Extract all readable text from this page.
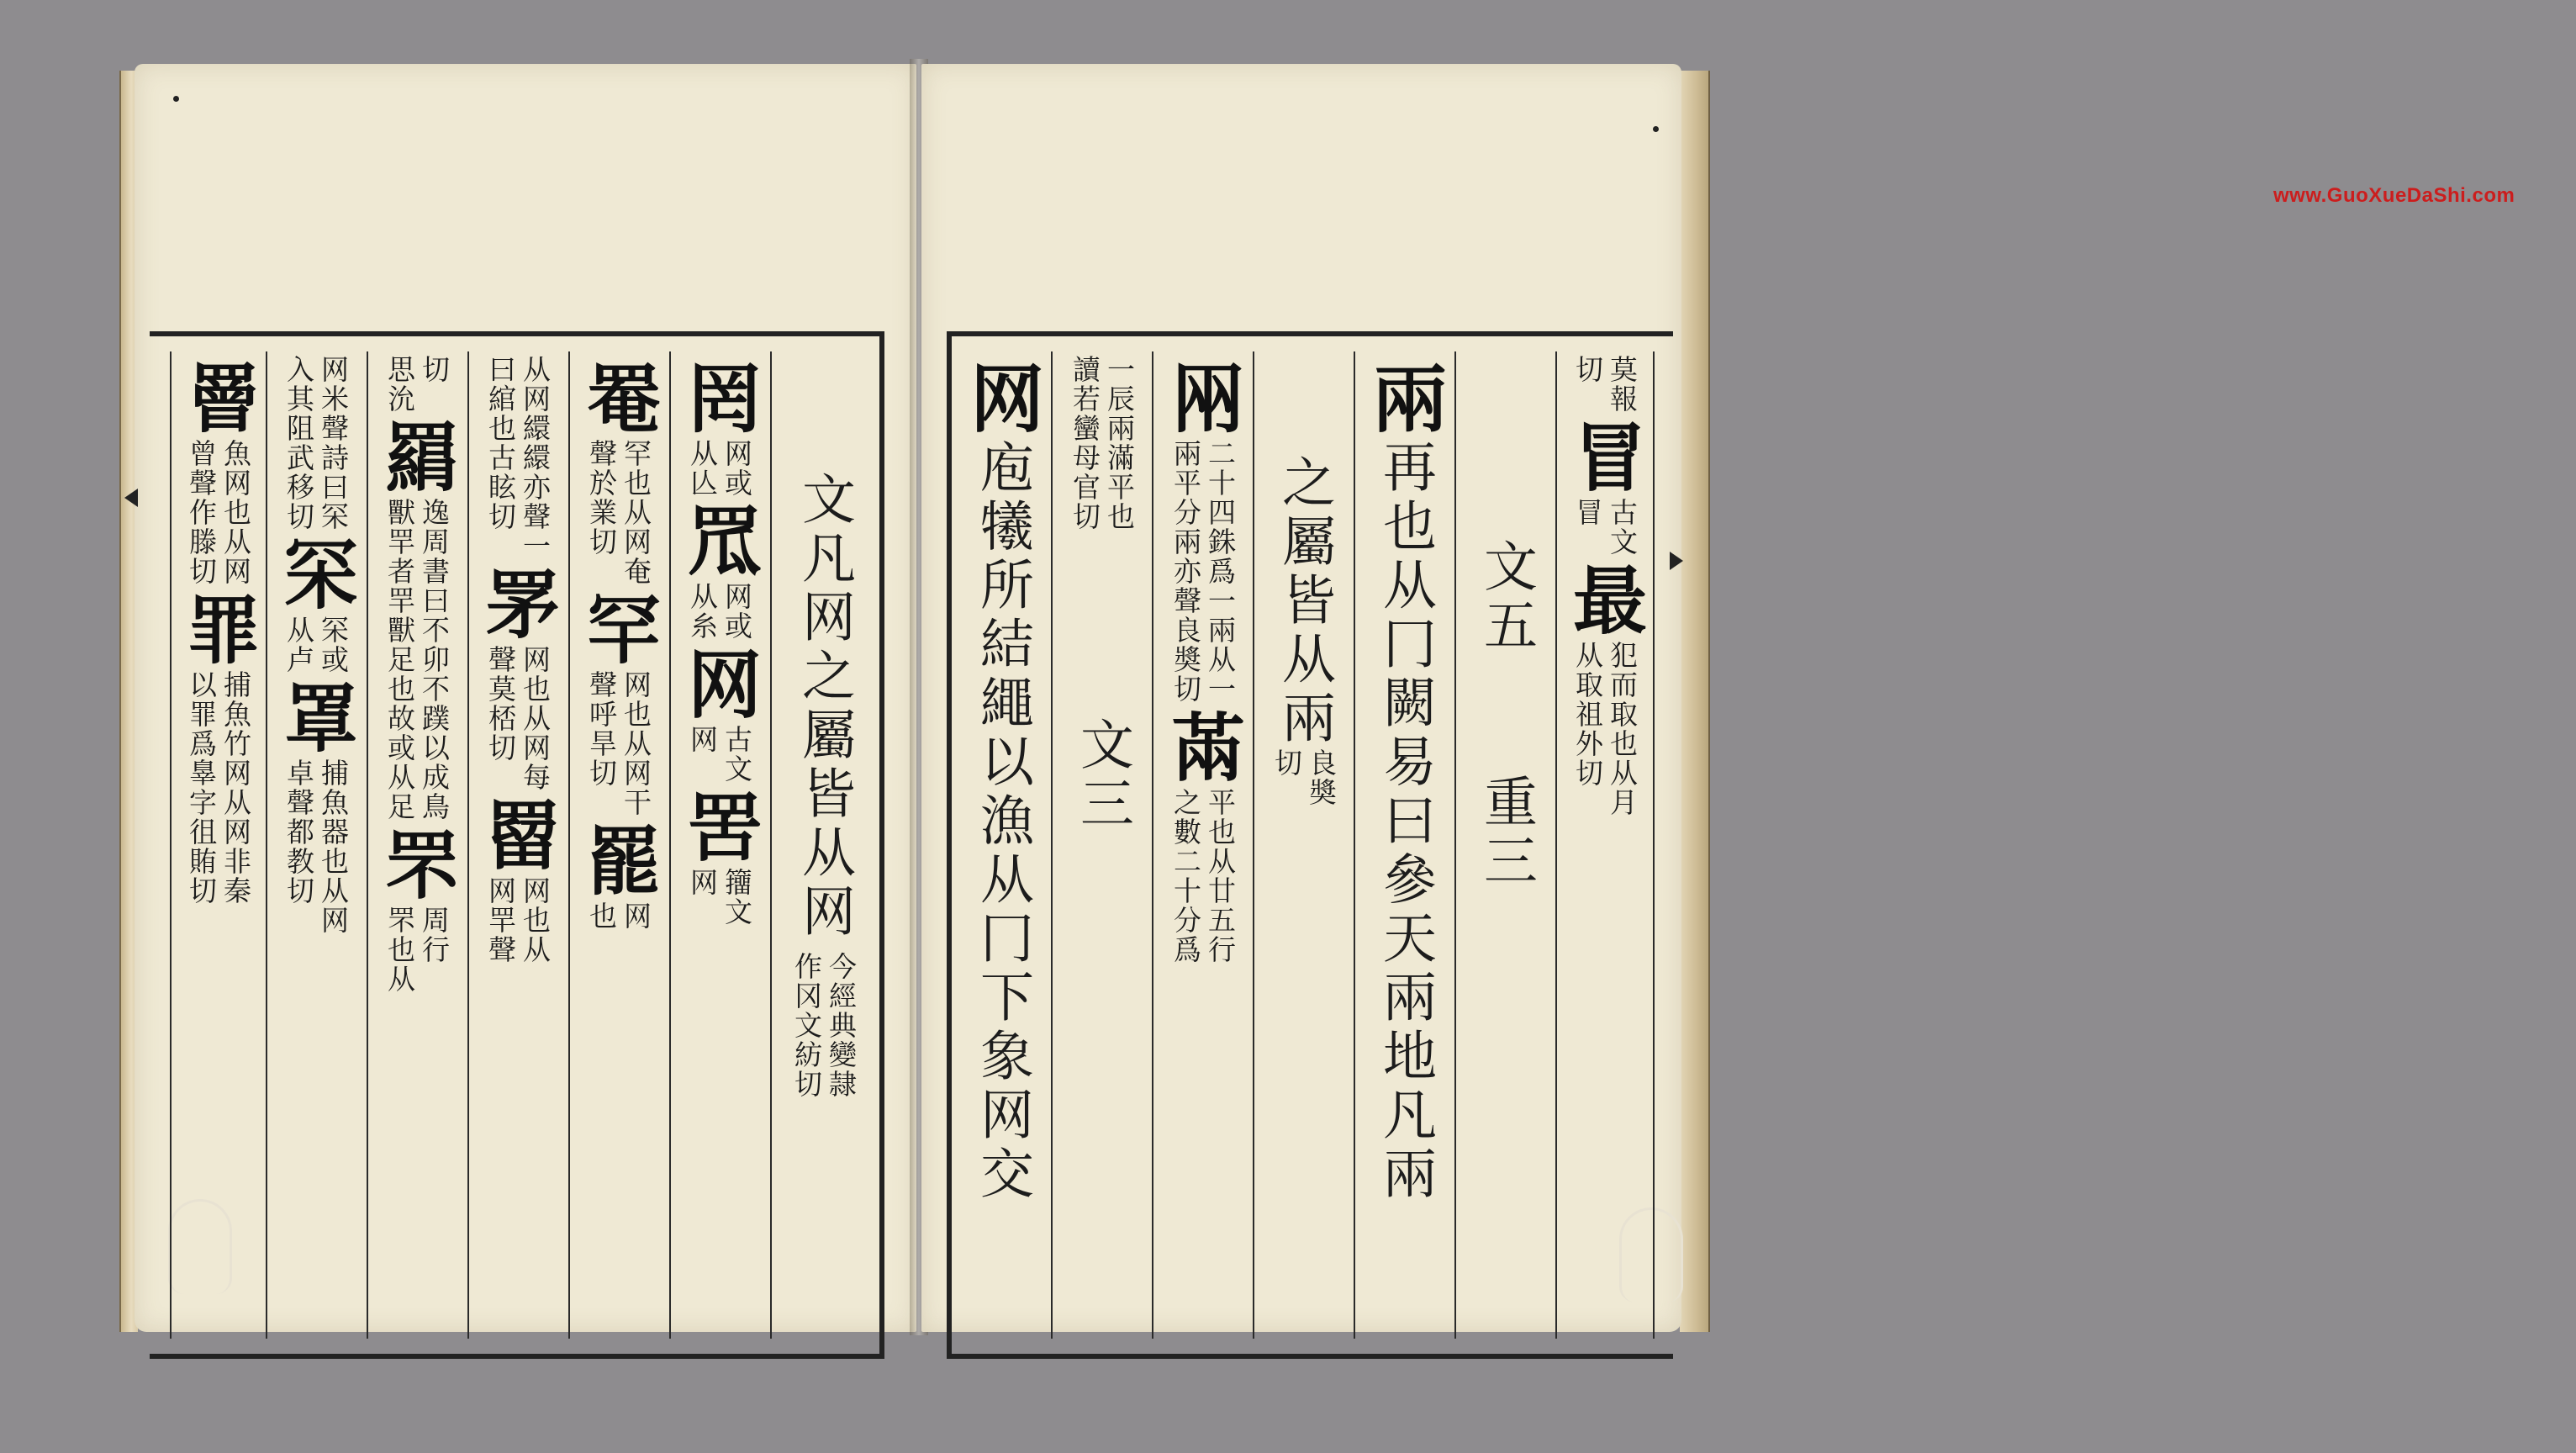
罾
魚网也从网
曾聲作滕切
罪
捕魚竹网从网非秦
以罪爲辠字徂賄切
网米聲詩曰罙
入其阻武移切
罙
罙或
从卢
罩
捕魚器也从网
卓聲都教切
切
思沇
羂
逸周書曰不卯不蹼以成鳥
獸䍐者䍐獸足也故或从足
罘
周行
罘也从
从网繯繯亦聲一
曰綰也古眩切
罞
网也从网每
聲莫桮切
罶
网也从
网䍐聲
罨
罕也从网奄
聲於業切
罕
网也从网干
聲呼旱切
罷
网
也
罔
网或
从亾
罛
网或
从糸
网
古文
网
罟
籒文
网 文凡网之屬皆从网
今經典變隷
作冈文紡切
www.GuoXueDaShi.com
网
庖犧所結繩以漁从冂下象网交	一辰兩滿平也
讀若蠻母官切
文三
㒳
二十四銖爲一兩从一
兩平分兩亦聲良奬切
㒼
平也从廿五行
之數二十分爲
之屬皆从兩
良奬
切
兩
再也从冂闕易曰參天兩地凡兩 文五
重三
莫報
切
冒
古文
冒
最
犯而取也从月
从取祖外切
